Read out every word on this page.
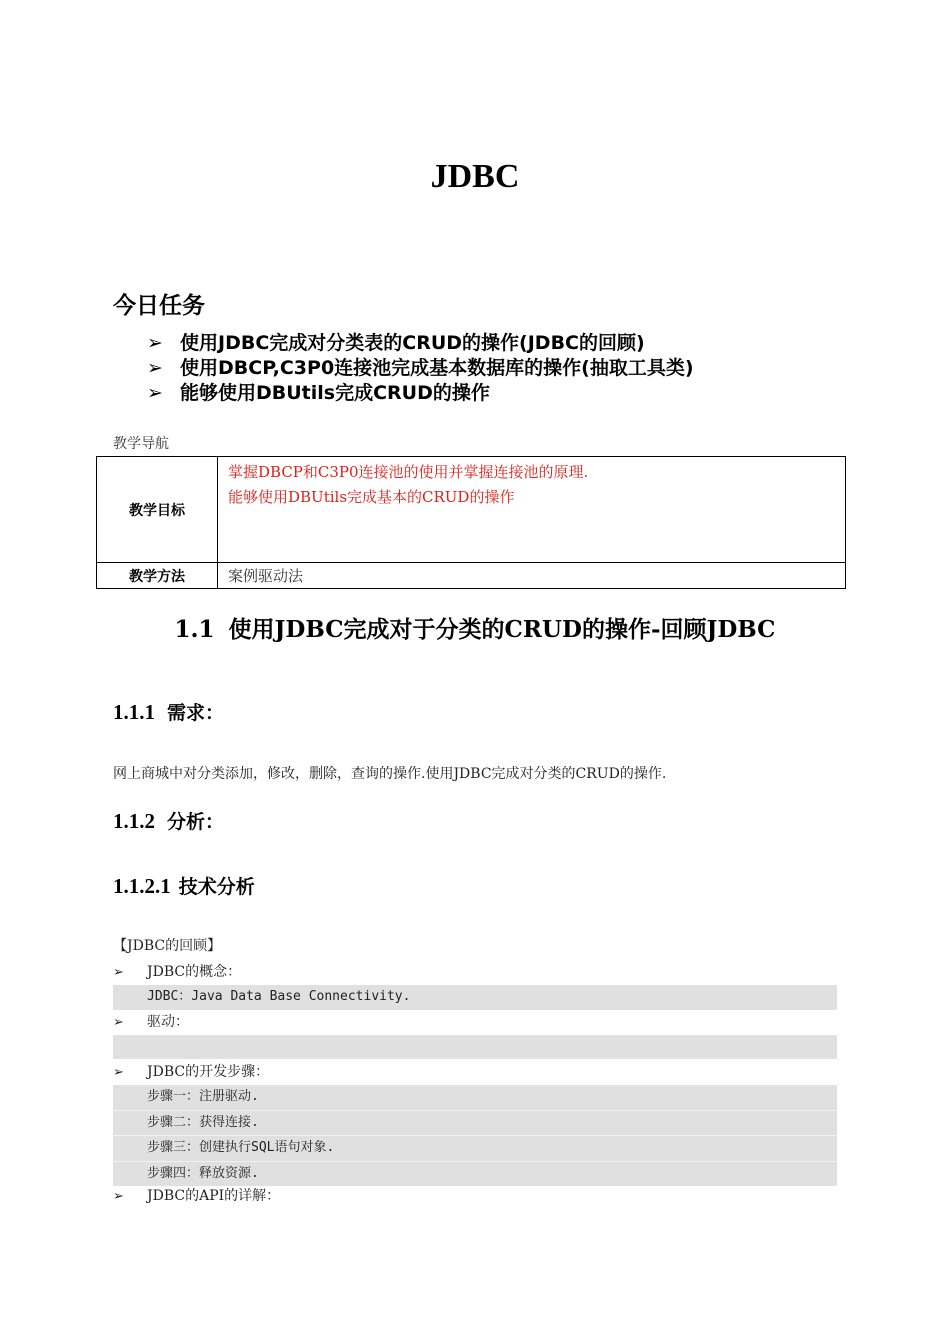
JDBC
今日任务
➢ 使用JDBC完成对分类表的CRUD的操作(JDBC的回顾)
➢ 使用DBCP,C3P0连接池完成基本数据库的操作(抽取工具类)
➢ 能够使用DBUtils完成CRUD的操作
教学导航
教学目标	掌握DBCP和C3P0连接池的使用并掌握连接池的原理.
能够使用DBUtils完成基本的CRUD的操作

教学方法	案例驱动法
1.1 使用JDBC完成对于分类的CRUD的操作-回顾JDBC
1.1.1 需求：
网上商城中对分类添加，修改，删除，查询的操作.使用JDBC完成对分类的CRUD的操作.
1.1.2 分析：
1.1.2.1 技术分析
【JDBC的回顾】
➢ JDBC的概念：
JDBC：Java Data Base Connectivity.
➢ 驱动：
➢ JDBC的开发步骤：
步骤一：注册驱动.
步骤二：获得连接.
步骤三：创建执行SQL语句对象.
步骤四：释放资源.
➢ JDBC的API的详解：
